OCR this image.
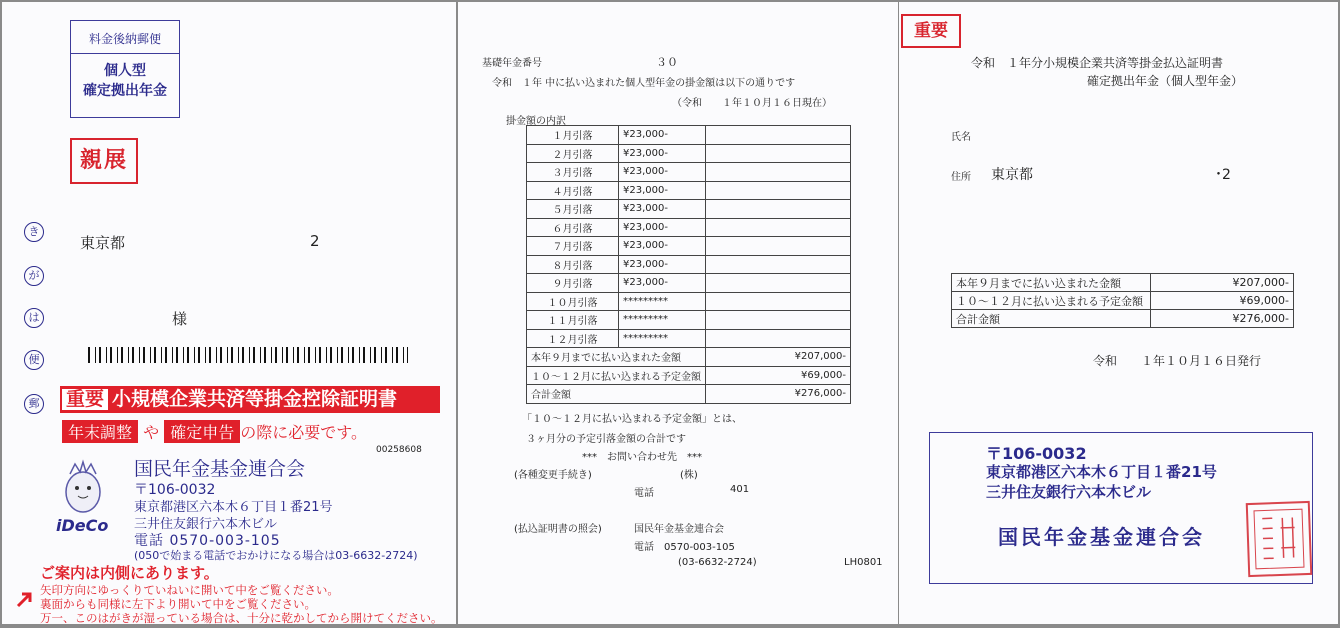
料金後納郵便
個人型
確定拠出年金
親展
き
が
は
便
郵
東京都	2
様
重要 小規模企業共済等掛金控除証明書
年末調整 や 確定申告 の際に必要です。
00258608
iDeCo
国民年金基金連合会
〒106-0032
東京都港区六本木６丁目１番21号
三井住友銀行六本木ビル
電話 0570-003-105
(050で始まる電話でおかけになる場合は03-6632-2724)
ご案内は内側にあります。
矢印方向にゆっくりていねいに開いて中をご覧ください。
裏面からも同様に左下より開いて中をご覧ください。
万一、このはがきが湿っている場合は、十分に乾かしてから開けてください。
基礎年金番号	３０
令和　１年 中に払い込まれた個人型年金の掛金額は以下の通りです
（令和　　１年１０月１６日現在）
掛金額の内訳
１月引落	¥23,000-	
２月引落	¥23,000-	
３月引落	¥23,000-	
４月引落	¥23,000-	
５月引落	¥23,000-	
６月引落	¥23,000-	
７月引落	¥23,000-	
８月引落	¥23,000-	
９月引落	¥23,000-	
１０月引落	*********	
１１月引落	*********	
１２月引落	*********	
本年９月までに払い込まれた金額		¥207,000-
１０～１２月に払い込まれる予定金額		¥69,000-
合計金額		¥276,000-
「１０～１２月に払い込まれる予定金額」とは、
３ヶ月分の予定引落金額の合計です
***　お問い合わせ先　***
(各種変更手続き)	(株)
電話	401
(払込証明書の照会)	国民年金基金連合会
電話　0570-003-105
(03-6632-2724)	LH0801
重要
令和　１年分小規模企業共済等掛金払込証明書
確定拠出年金（個人型年金）
氏名
住所 東京都	･2
本年９月までに払い込まれた金額	¥207,000-
１０～１２月に払い込まれる予定金額	¥69,000-
合計金額	¥276,000-
令和　　１年１０月１６日発行
〒106-0032
東京都港区六本木６丁目１番21号
三井住友銀行六本木ビル
国民年金基金連合会
